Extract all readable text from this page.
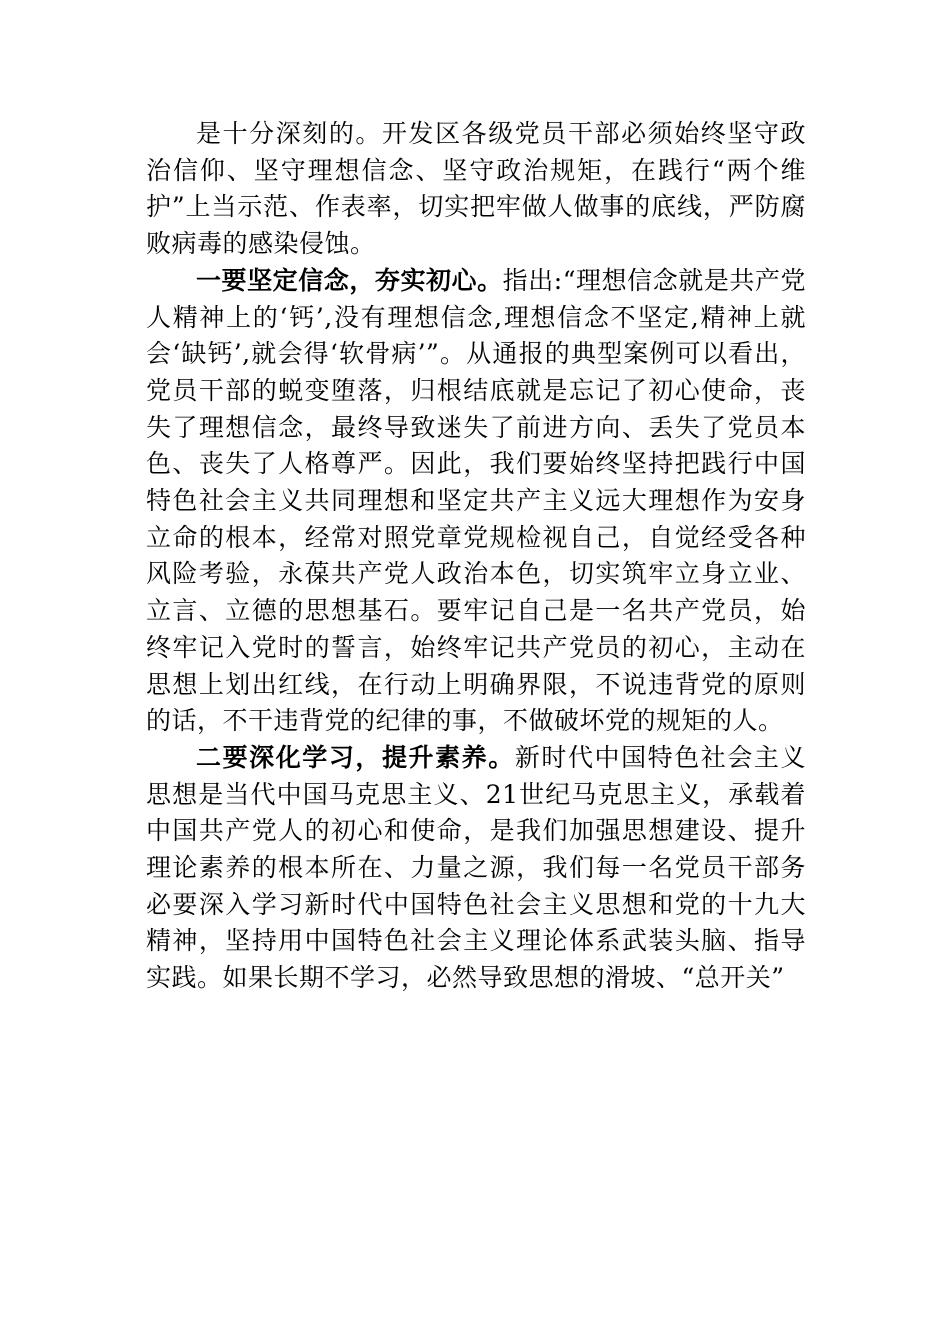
是十分深刻的。开发区各级党员干部必须始终坚守政治信仰、坚守理想信念、坚守政治规矩，在践行“两个维护”上当示范、作表率，切实把牢做人做事的底线，严防腐败病毒的感染侵蚀。

一要坚定信念，夯实初心。指出:“理想信念就是共产党人精神上的‘钙’,没有理想信念,理想信念不坚定,精神上就会‘缺钙’,就会得‘软骨病’”。从通报的典型案例可以看出，党员干部的蜕变堕落，归根结底就是忘记了初心使命，丧失了理想信念，最终导致迷失了前进方向、丢失了党员本色、丧失了人格尊严。因此，我们要始终坚持把践行中国特色社会主义共同理想和坚定共产主义远大理想作为安身立命的根本，经常对照党章党规检视自己，自觉经受各种风险考验，永葆共产党人政治本色，切实筑牢立身立业、立言、立德的思想基石。要牢记自己是一名共产党员，始终牢记入党时的誓言，始终牢记共产党员的初心，主动在思想上划出红线，在行动上明确界限，不说违背党的原则的话，不干违背党的纪律的事，不做破坏党的规矩的人。

二要深化学习，提升素养。新时代中国特色社会主义思想是当代中国马克思主义、21世纪马克思主义，承载着中国共产党人的初心和使命，是我们加强思想建设、提升理论素养的根本所在、力量之源，我们每一名党员干部务必要深入学习新时代中国特色社会主义思想和党的十九大精神，坚持用中国特色社会主义理论体系武装头脑、指导实践。如果长期不学习，必然导致思想的滑坡、“总开关”
